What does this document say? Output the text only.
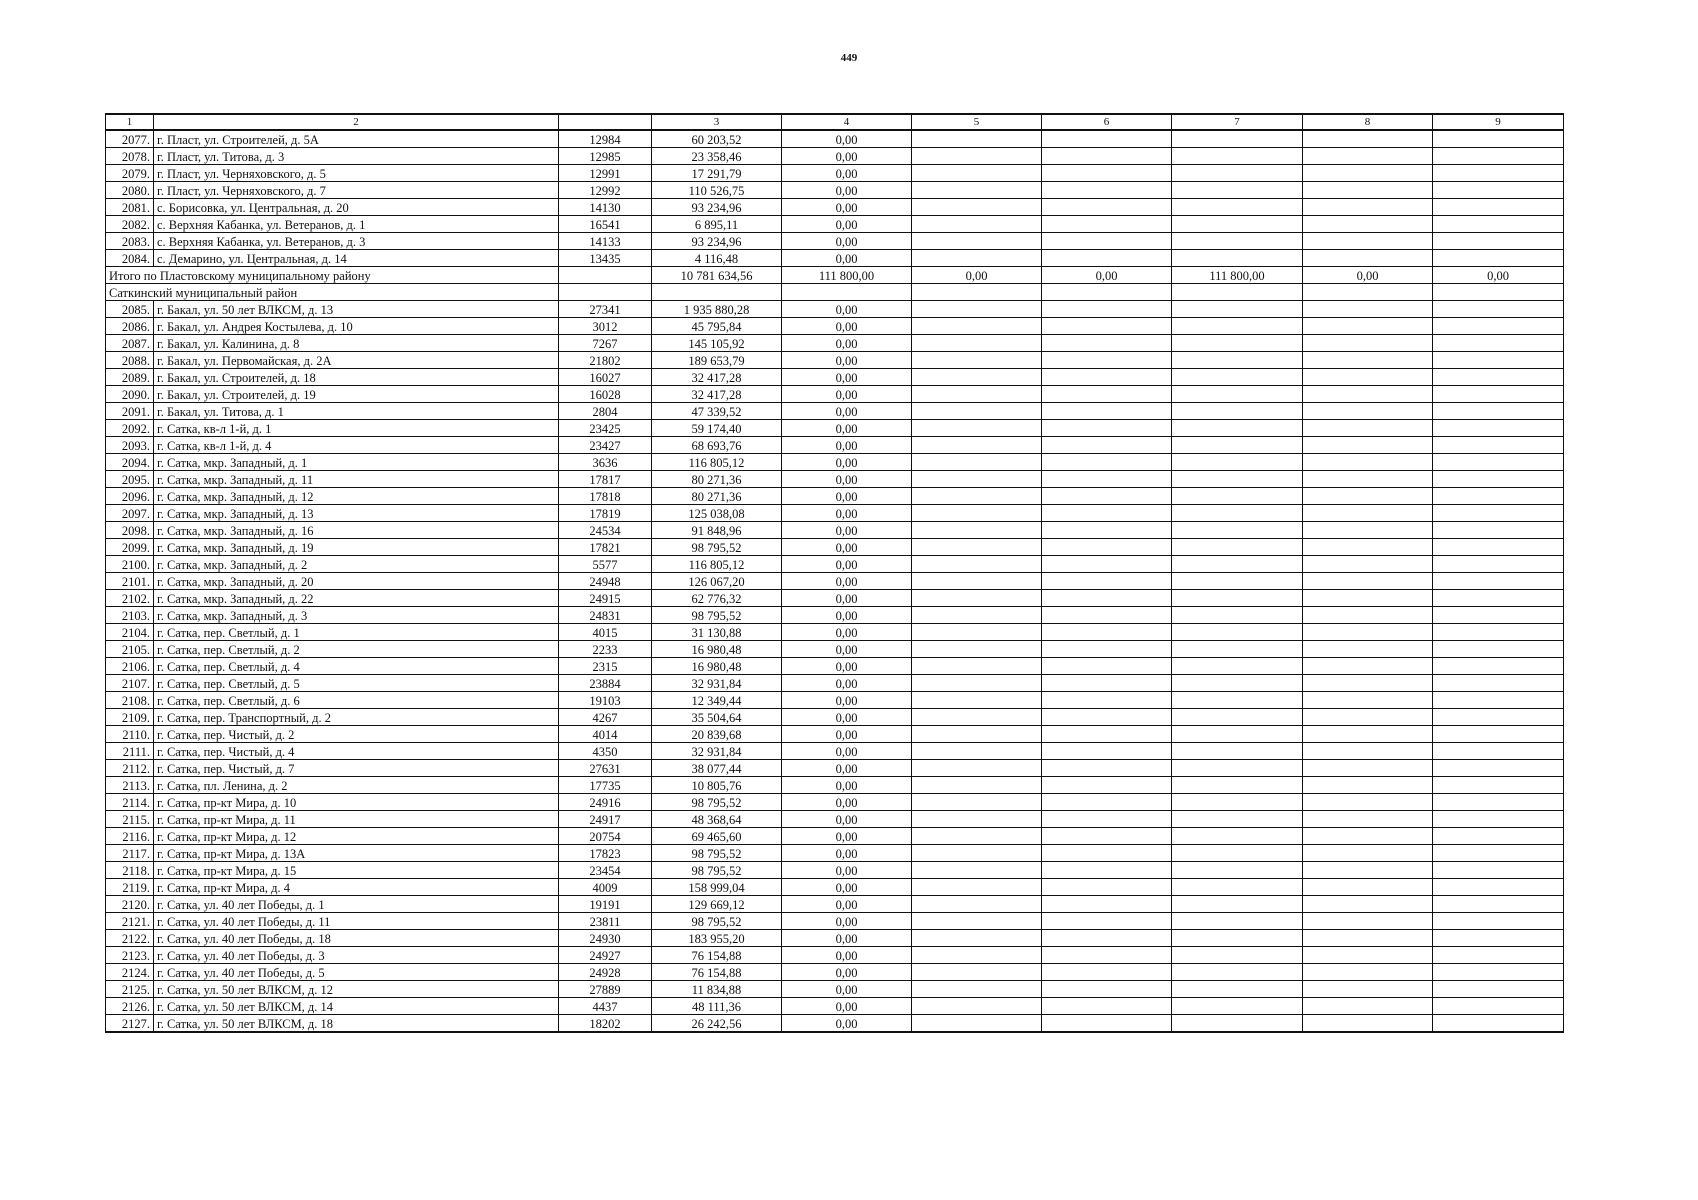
449
1	2		3	4	5	6	7	8	9
2077.	г. Пласт, ул. Строителей, д. 5А	12984	60 203,52	0,00					
2078.	г. Пласт, ул. Титова, д. 3	12985	23 358,46	0,00					
2079.	г. Пласт, ул. Черняховского, д. 5	12991	17 291,79	0,00					
2080.	г. Пласт, ул. Черняховского, д. 7	12992	110 526,75	0,00					
2081.	с. Борисовка, ул. Центральная, д. 20	14130	93 234,96	0,00					
2082.	с. Верхняя Кабанка, ул. Ветеранов, д. 1	16541	6 895,11	0,00					
2083.	с. Верхняя Кабанка, ул. Ветеранов, д. 3	14133	93 234,96	0,00					
2084.	с. Демарино, ул. Центральная, д. 14	13435	4 116,48	0,00					
Итого по Пластовскому муниципальному району			10 781 634,56	111 800,00	0,00	0,00	111 800,00	0,00	0,00
Саткинский муниципальный район									
2085.	г. Бакал, ул. 50 лет ВЛКСМ, д. 13	27341	1 935 880,28	0,00					
2086.	г. Бакал, ул. Андрея Костылева, д. 10	3012	45 795,84	0,00					
2087.	г. Бакал, ул. Калинина, д. 8	7267	145 105,92	0,00					
2088.	г. Бакал, ул. Первомайская, д. 2А	21802	189 653,79	0,00					
2089.	г. Бакал, ул. Строителей, д. 18	16027	32 417,28	0,00					
2090.	г. Бакал, ул. Строителей, д. 19	16028	32 417,28	0,00					
2091.	г. Бакал, ул. Титова, д. 1	2804	47 339,52	0,00					
2092.	г. Сатка, кв-л 1-й, д. 1	23425	59 174,40	0,00					
2093.	г. Сатка, кв-л 1-й, д. 4	23427	68 693,76	0,00					
2094.	г. Сатка, мкр. Западный, д. 1	3636	116 805,12	0,00					
2095.	г. Сатка, мкр. Западный, д. 11	17817	80 271,36	0,00					
2096.	г. Сатка, мкр. Западный, д. 12	17818	80 271,36	0,00					
2097.	г. Сатка, мкр. Западный, д. 13	17819	125 038,08	0,00					
2098.	г. Сатка, мкр. Западный, д. 16	24534	91 848,96	0,00					
2099.	г. Сатка, мкр. Западный, д. 19	17821	98 795,52	0,00					
2100.	г. Сатка, мкр. Западный, д. 2	5577	116 805,12	0,00					
2101.	г. Сатка, мкр. Западный, д. 20	24948	126 067,20	0,00					
2102.	г. Сатка, мкр. Западный, д. 22	24915	62 776,32	0,00					
2103.	г. Сатка, мкр. Западный, д. 3	24831	98 795,52	0,00					
2104.	г. Сатка, пер. Светлый, д. 1	4015	31 130,88	0,00					
2105.	г. Сатка, пер. Светлый, д. 2	2233	16 980,48	0,00					
2106.	г. Сатка, пер. Светлый, д. 4	2315	16 980,48	0,00					
2107.	г. Сатка, пер. Светлый, д. 5	23884	32 931,84	0,00					
2108.	г. Сатка, пер. Светлый, д. 6	19103	12 349,44	0,00					
2109.	г. Сатка, пер. Транспортный, д. 2	4267	35 504,64	0,00					
2110.	г. Сатка, пер. Чистый, д. 2	4014	20 839,68	0,00					
2111.	г. Сатка, пер. Чистый, д. 4	4350	32 931,84	0,00					
2112.	г. Сатка, пер. Чистый, д. 7	27631	38 077,44	0,00					
2113.	г. Сатка, пл. Ленина, д. 2	17735	10 805,76	0,00					
2114.	г. Сатка, пр-кт Мира, д. 10	24916	98 795,52	0,00					
2115.	г. Сатка, пр-кт Мира, д. 11	24917	48 368,64	0,00					
2116.	г. Сатка, пр-кт Мира, д. 12	20754	69 465,60	0,00					
2117.	г. Сатка, пр-кт Мира, д. 13А	17823	98 795,52	0,00					
2118.	г. Сатка, пр-кт Мира, д. 15	23454	98 795,52	0,00					
2119.	г. Сатка, пр-кт Мира, д. 4	4009	158 999,04	0,00					
2120.	г. Сатка, ул. 40 лет Победы, д. 1	19191	129 669,12	0,00					
2121.	г. Сатка, ул. 40 лет Победы, д. 11	23811	98 795,52	0,00					
2122.	г. Сатка, ул. 40 лет Победы, д. 18	24930	183 955,20	0,00					
2123.	г. Сатка, ул. 40 лет Победы, д. 3	24927	76 154,88	0,00					
2124.	г. Сатка, ул. 40 лет Победы, д. 5	24928	76 154,88	0,00					
2125.	г. Сатка, ул. 50 лет ВЛКСМ, д. 12	27889	11 834,88	0,00					
2126.	г. Сатка, ул. 50 лет ВЛКСМ, д. 14	4437	48 111,36	0,00					
2127.	г. Сатка, ул. 50 лет ВЛКСМ, д. 18	18202	26 242,56	0,00					
